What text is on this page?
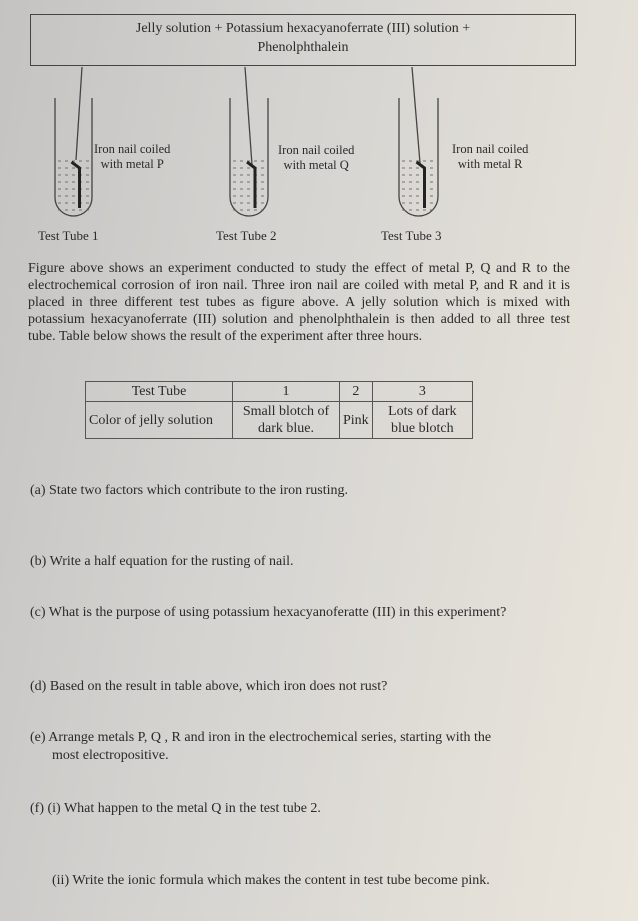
Jelly solution + Potassium hexacyanoferrate (III) solution +
Phenolphthalein
Iron nail coiled
with metal P
Iron nail coiled
with metal Q
Iron nail coiled
with metal R
Test Tube 1	Test Tube 2	Test Tube 3
Figure above shows an experiment conducted to study the effect of metal P, Q and R to the electrochemical corrosion of iron nail. Three iron nail are coiled with metal P, and R and it is placed in three different test tubes as figure above. A jelly solution which is mixed with potassium hexacyanoferrate (III) solution and phenolphthalein is then added to all three test tube. Table below shows the result of the experiment after three hours.
Test Tube	1	2	3
Color of jelly solution	Small blotch of dark blue.	Pink	Lots of dark blue blotch
(a) State two factors which contribute to the iron rusting.
(b) Write a half equation for the rusting of nail.
(c) What is the purpose of using potassium hexacyanoferatte (III) in this experiment?
(d) Based on the result in table above, which iron does not rust?
(e) Arrange metals P, Q , R and iron in the electrochemical series, starting with the
most electropositive.
(f) (i) What happen to the metal Q in the test tube 2.
(ii) Write the ionic formula which makes the content in test tube become pink.
